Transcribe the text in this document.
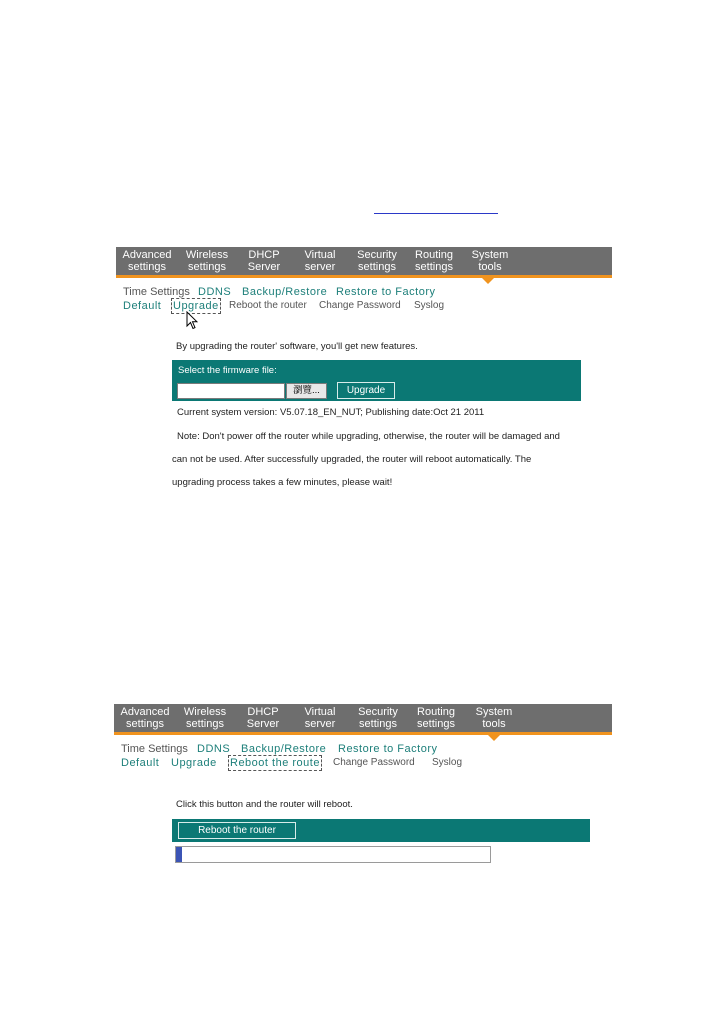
Advanced
settings
Wireless
settings
DHCP
Server
Virtual
server
Security
settings
Routing
settings
System
tools
Time Settings DDNS Backup/Restore Restore to Factory
Default Upgrade Reboot the router Change Password Syslog
By upgrading the router' software, you'll get new features.
Select the firmware file:
瀏覽...	Upgrade
Current system version: V5.07.18_EN_NUT; Publishing date:Oct 21 2011
Note: Don't power off the router while upgrading, otherwise, the router will be damaged and
can not be used. After successfully upgraded, the router will reboot automatically. The
upgrading process takes a few minutes, please wait!
Advanced
settings
Wireless
settings
DHCP
Server
Virtual
server
Security
settings
Routing
settings
System
tools
Time Settings DDNS Backup/Restore Restore to Factory
Default Upgrade Reboot the route Change Password Syslog
Click this button and the router will reboot.
Reboot the router
